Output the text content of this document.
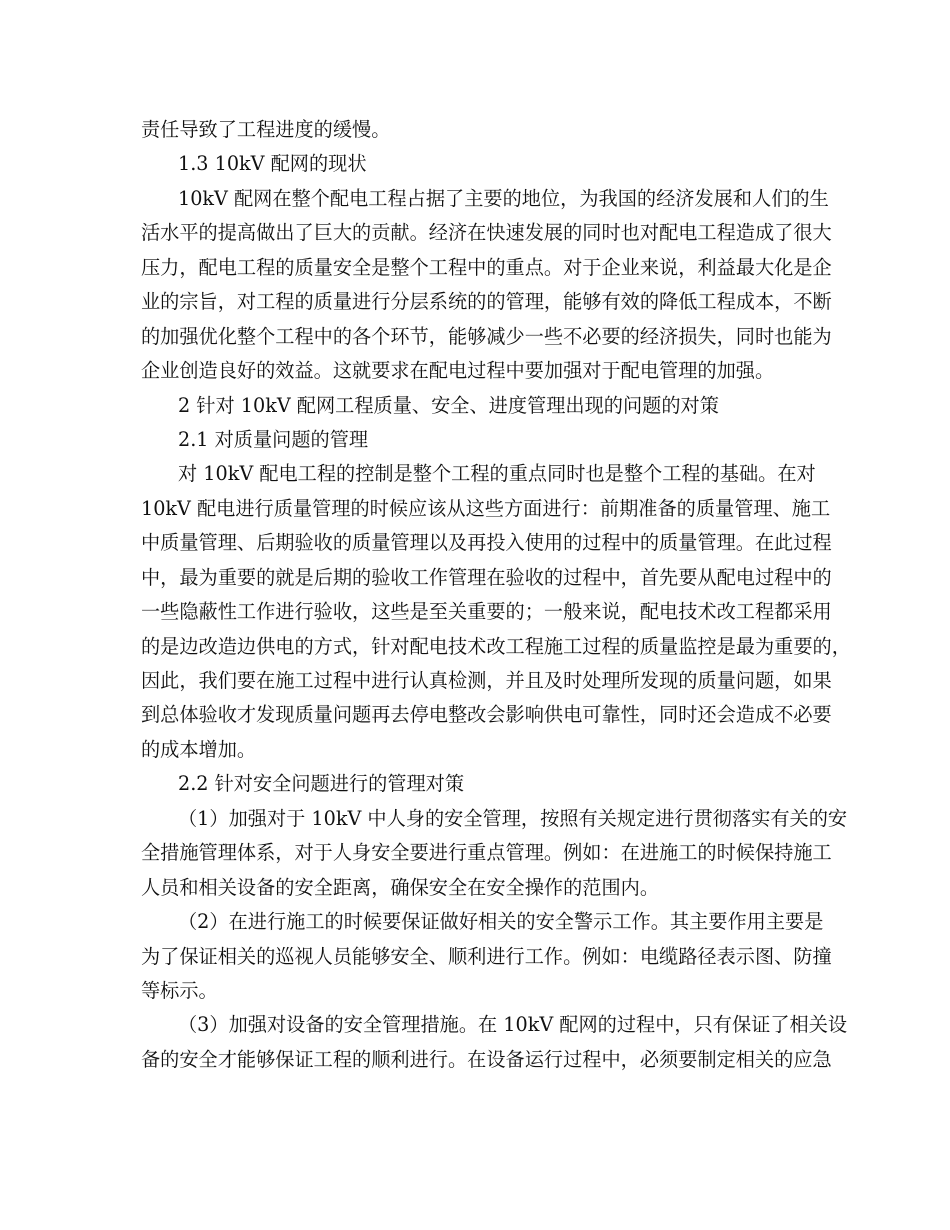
责任导致了工程进度的缓慢。
1.3 10kV 配网的现状
10kV 配网在整个配电工程占据了主要的地位，为我国的经济发展和人们的生
活水平的提高做出了巨大的贡献。经济在快速发展的同时也对配电工程造成了很大
压力，配电工程的质量安全是整个工程中的重点。对于企业来说，利益最大化是企
业的宗旨，对工程的质量进行分层系统的的管理，能够有效的降低工程成本，不断
的加强优化整个工程中的各个环节，能够减少一些不必要的经济损失，同时也能为
企业创造良好的效益。这就要求在配电过程中要加强对于配电管理的加强。
2 针对 10kV 配网工程质量、安全、进度管理出现的问题的对策
2.1 对质量问题的管理
对 10kV 配电工程的控制是整个工程的重点同时也是整个工程的基础。在对
10kV 配电进行质量管理的时候应该从这些方面进行：前期准备的质量管理、施工
中质量管理、后期验收的质量管理以及再投入使用的过程中的质量管理。在此过程
中，最为重要的就是后期的验收工作管理在验收的过程中，首先要从配电过程中的
一些隐蔽性工作进行验收，这些是至关重要的；一般来说，配电技术改工程都采用
的是边改造边供电的方式，针对配电技术改工程施工过程的质量监控是最为重要的，
因此，我们要在施工过程中进行认真检测，并且及时处理所发现的质量问题，如果
到总体验收才发现质量问题再去停电整改会影响供电可靠性，同时还会造成不必要
的成本增加。
2.2 针对安全问题进行的管理对策
（1）加强对于 10kV 中人身的安全管理，按照有关规定进行贯彻落实有关的安
全措施管理体系，对于人身安全要进行重点管理。例如：在进施工的时候保持施工
人员和相关设备的安全距离，确保安全在安全操作的范围内。
（2）在进行施工的时候要保证做好相关的安全警示工作。其主要作用主要是
为了保证相关的巡视人员能够安全、顺利进行工作。例如：电缆路径表示图、防撞
等标示。
（3）加强对设备的安全管理措施。在 10kV 配网的过程中，只有保证了相关设
备的安全才能够保证工程的顺利进行。在设备运行过程中，必须要制定相关的应急
